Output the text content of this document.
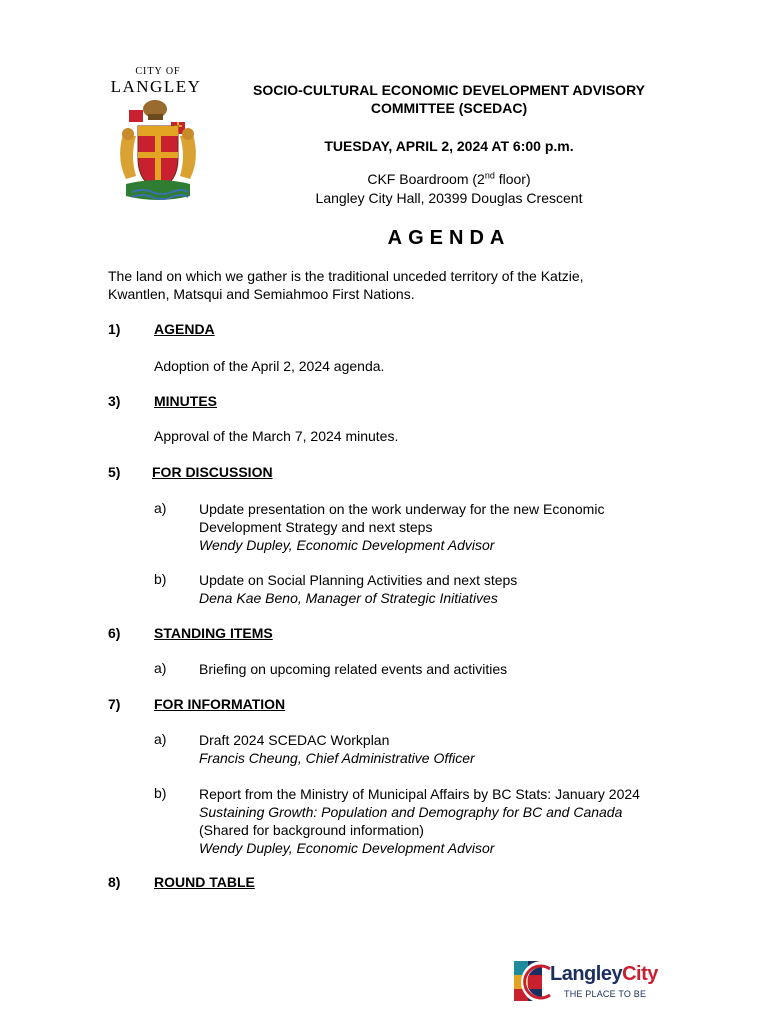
CITY OF
LANGLEY	SOCIO-CULTURAL ECONOMIC DEVELOPMENT ADVISORY
COMMITTEE (SCEDAC)
TUESDAY, APRIL 2, 2024 AT 6:00 p.m.
CKF Boardroom (2nd floor)
Langley City Hall, 20399 Douglas Crescent
AGENDA
The land on which we gather is the traditional unceded territory of the Katzie,
Kwantlen, Matsqui and Semiahmoo First Nations.
1) AGENDA
Adoption of the April 2, 2024 agenda.
3) MINUTES
Approval of the March 7, 2024 minutes.
5) FOR DISCUSSION
a) Update presentation on the work underway for the new Economic
Development Strategy and next steps
Wendy Dupley, Economic Development Advisor
b) Update on Social Planning Activities and next steps
Dena Kae Beno, Manager of Strategic Initiatives
6) STANDING ITEMS
a) Briefing on upcoming related events and activities
7) FOR INFORMATION
a) Draft 2024 SCEDAC Workplan
Francis Cheung, Chief Administrative Officer
b) Report from the Ministry of Municipal Affairs by BC Stats: January 2024
Sustaining Growth: Population and Demography for BC and Canada
(Shared for background information)
Wendy Dupley, Economic Development Advisor
8) ROUND TABLE
LangleyCity
THE PLACE TO BE
